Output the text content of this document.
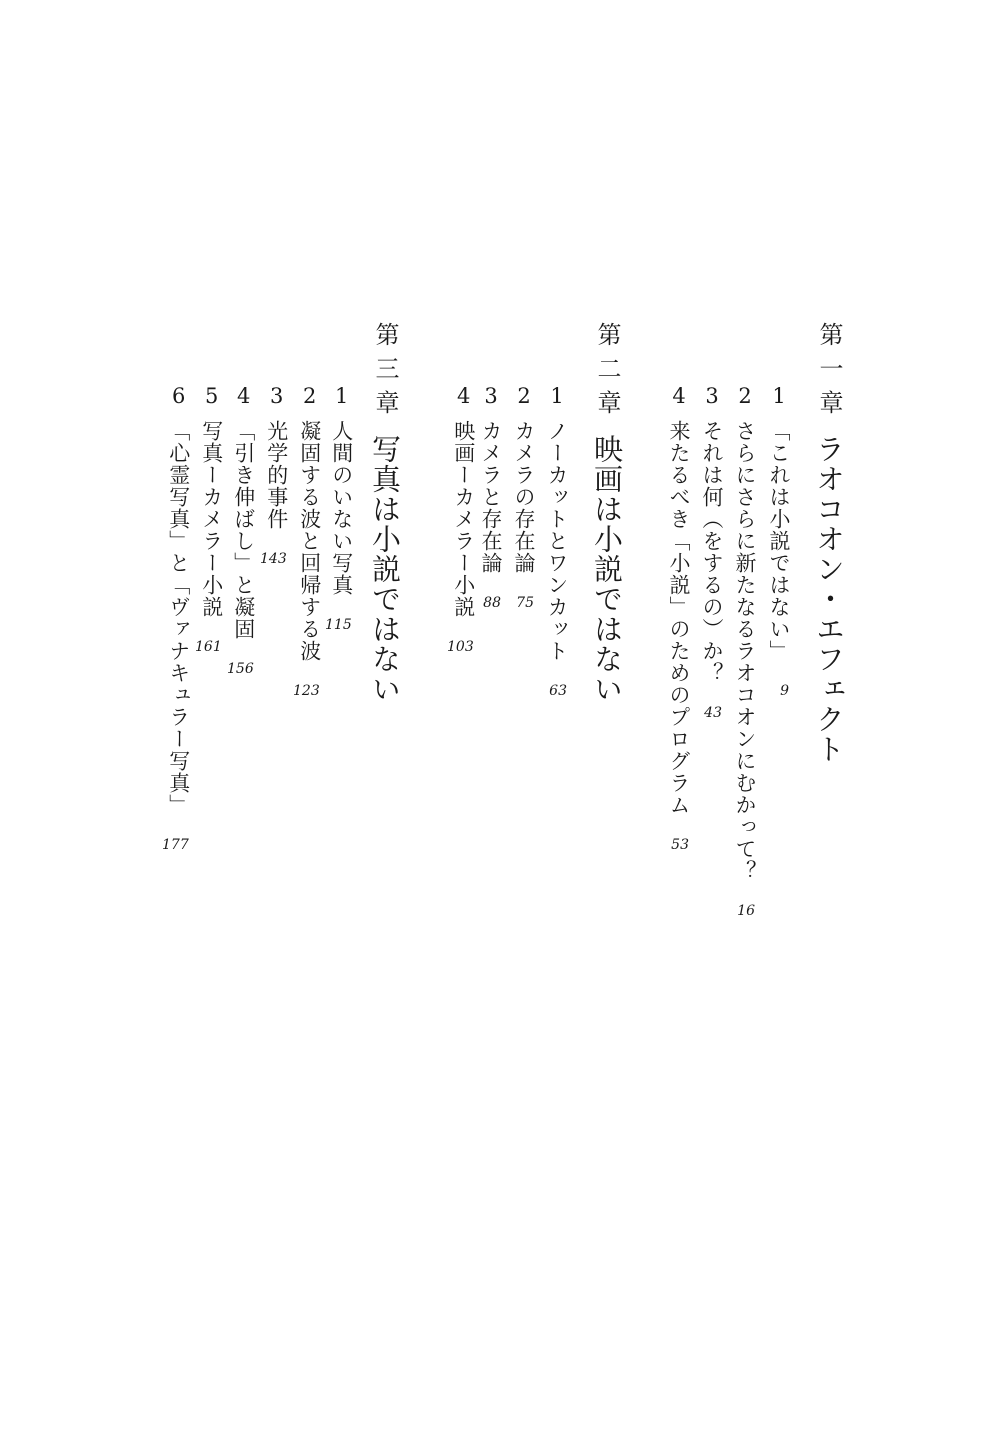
第一章ラオコオン・エフェクト
1「これは小説ではない」9
2さらにさらに新たなるラオコオンにむかって？16
3それは何（をするの）か？43
4来たるべき「小説」のためのプログラム53
第二章映画は小説ではない
1ノーカットとワンカット63
2カメラの存在論75
3カメラと存在論88
4映画ーカメラー小説103
第三章写真は小説ではない
1人間のいない写真115
2凝固する波と回帰する波123
3光学的事件143
4「引き伸ばし」と凝固156
5写真ーカメラー小説161
6「心霊写真」と「ヴァナキュラー写真」177
